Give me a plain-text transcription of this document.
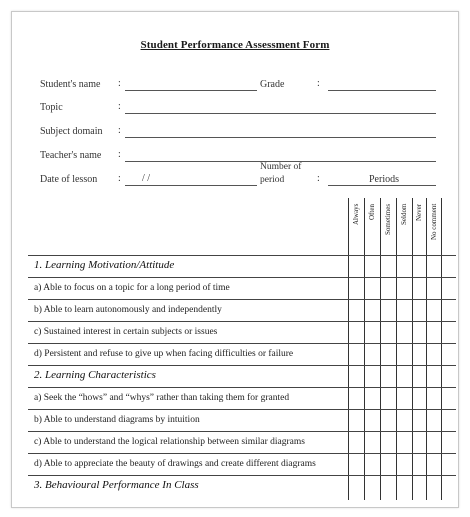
Student Performance Assessment Form
Student's name :	Grade	:
Topic	:
Subject domain :
Teacher's name :
Date of lesson : / /
Number of
period	:	Periods
Always	Often	Sometimes	Seldom	Never	No comment
1. Learning Motivation/Attitude
a) Able to focus on a topic for a long period of time
b) Able to learn autonomously and independently
c) Sustained interest in certain subjects or issues
d) Persistent and refuse to give up when facing difficulties or failure
2. Learning Characteristics
a) Seek the “hows” and “whys” rather than taking them for granted
b) Able to understand diagrams by intuition
c) Able to understand the logical relationship between similar diagrams
d) Able to appreciate the beauty of drawings and create different diagrams
3. Behavioural Performance In Class
